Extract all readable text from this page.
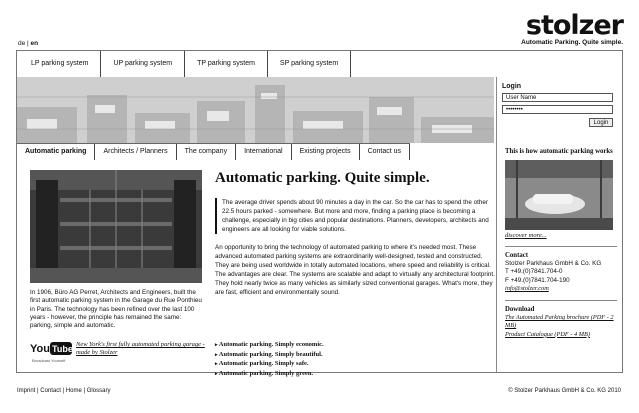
de | en
stolzer
Automatic Parking. Quite simple.
LP parking system	UP parking system	TP parking system	SP parking system
Login
User Name
••••••••
Login
Automatic parking	Architects / Planners	The company	International	Existing projects	Contact us
In 1906, Büro AG Perret, Architects and Engineers, built the first automatic parking system in the Garage du Rue Ponthieu in Paris. The technology has been refined over the last 100 years - however, the principle has remained the same: parking, simple and automatic.
You Tube
Broadcast Yourself
New York's first fully automated parking garage - made by Stolzer
Automatic parking. Quite simple.
The average driver spends about 90 minutes a day in the car. So the car has to spend the other 22.5 hours parked - somewhere. But more and more, finding a parking place is becoming a challenge, especially in big cities and popular destinations. Planners, developers, architects and engineers are all looking for viable solutions.
An opportunity to bring the technology of automated parking to where it's needed most. These advanced automated parking systems are extraordinarily well-designed, tested and constructed. They are being used worldwide in totally automated locations, where speed and reliability is critical. The advantages are clear. The systems are scalable and adapt to virtually any architectural footprint. They hold nearly twice as many vehicles as similarly sized conventional garages. What's more, they are fast, efficient and environmentally sound.
▸ Automatic parking. Simply economic.
▸ Automatic parking. Simply beautiful.
▸ Automatic parking. Simply safe.
▸ Automatic parking. Simply green.
This is how automatic parking works
discover more...
Contact
Stolzer Parkhaus GmbH & Co. KG
T +49.(0)7841.704-0
F +49.(0)7841.704-190
info@stolzer.com
Download
The Automated Parking brochure (PDF - 2 MB)
Product Catalogue (PDF - 4 MB)
Imprint | Contact | Home | Glossary	© Stolzer Parkhaus GmbH & Co. KG 2010
